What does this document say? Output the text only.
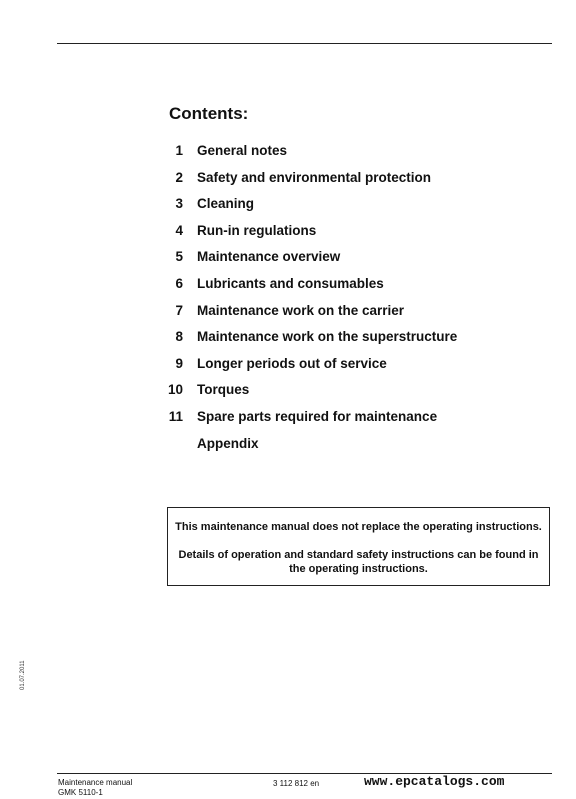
Contents:
1 General notes
2 Safety and environmental protection
3 Cleaning
4 Run-in regulations
5 Maintenance overview
6 Lubricants and consumables
7 Maintenance work on the carrier
8 Maintenance work on the superstructure
9 Longer periods out of service
10 Torques
11 Spare parts required for maintenance
Appendix
This maintenance manual does not replace the operating instructions.
Details of operation and standard safety instructions can be found in the operating instructions.
01.07.2011
Maintenance manual
GMK 5110-1
3 112 812 en	www.epcatalogs.com
